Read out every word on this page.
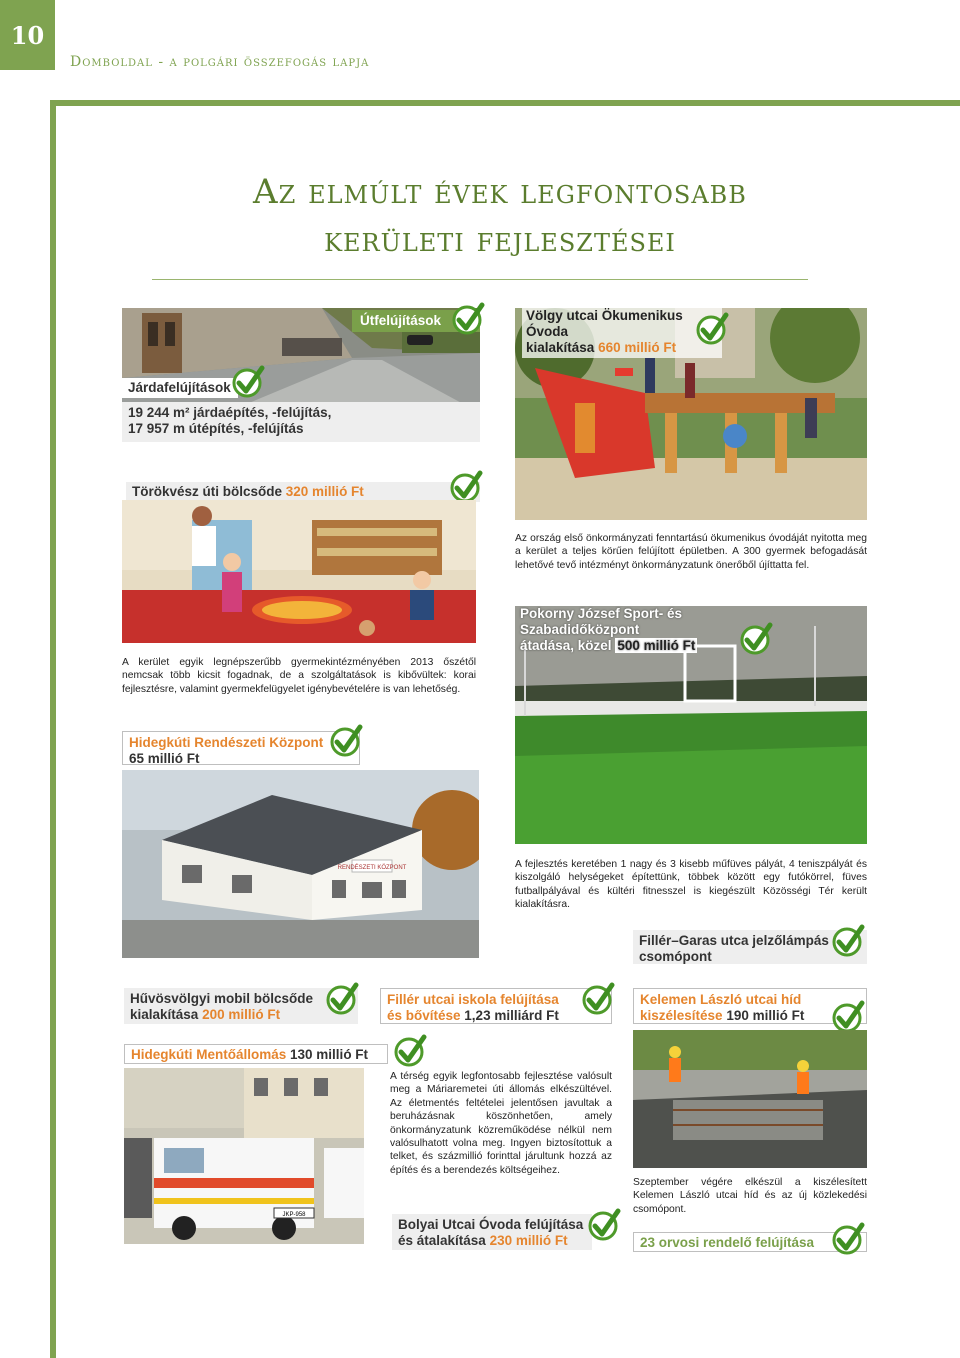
10
Domboldal - a polgári összefogás lapja
Az elmúlt évek legfontosabb
kerületi fejlesztései
Útfelújítások
Járdafelújítások
19 244 m² járdaépítés, -felújítás,
17 957 m útépítés, -felújítás
Törökvész úti bölcsőde 320 millió Ft
Völgy utcai Ökumenikus Óvoda
kialakítása 660 millió Ft
Az ország első önkormányzati fenntartású ökumenikus óvodáját nyitotta meg a kerület a teljes körűen felújított épületben. A 300 gyermek befogadását lehetővé tevő intézményt önkormányzatunk önerőből újíttatta fel.
A kerület egyik legnépszerűbb gyermekintézményében 2013 őszétől nemcsak több kicsit fogadnak, de a szolgáltatások is kibővültek: korai fejlesztésre, valamint gyermekfelügyelet igénybevételére is van lehetőség.
Pokorny József Sport- és
Szabadidőközpont
átadása, közel 500 millió Ft
Hidegkúti Rendészeti Központ
65 millió Ft
RENDÉSZETI KÖZPONT	A fejlesztés keretében 1 nagy és 3 kisebb műfüves pályát, 4 teniszpályát és kiszolgáló helységeket építettünk, többek között egy futókörrel, füves futballpályával és kültéri fitnesszel is kiegészült Közösségi Tér került kialakításra.
Fillér–Garas utca jelzőlámpás
csomópont
Hűvösvölgyi mobil bölcsőde
kialakítása 200 millió Ft
Fillér utcai iskola felújítása
és bővítése 1,23 milliárd Ft
Kelemen László utcai híd
kiszélesítése 190 millió Ft
Hidegkúti Mentőállomás 130 millió Ft
JKP-958
A térség egyik legfontosabb fejlesztése valósult meg a Máriaremetei úti állomás elkészültével. Az életmentés feltételei jelentősen javultak a beruházásnak köszönhetően, amely önkormányzatunk közreműködése nélkül nem valósulhatott volna meg. Ingyen biztosítottuk a telket, és százmillió forinttal járultunk hozzá az építés és a berendezés költségeihez.
Szeptember végére elkészül a kiszélesített Kelemen László utcai híd és az új közlekedési csomópont.
Bolyai Utcai Óvoda felújítása
és átalakítása 230 millió Ft	23 orvosi rendelő felújítása
